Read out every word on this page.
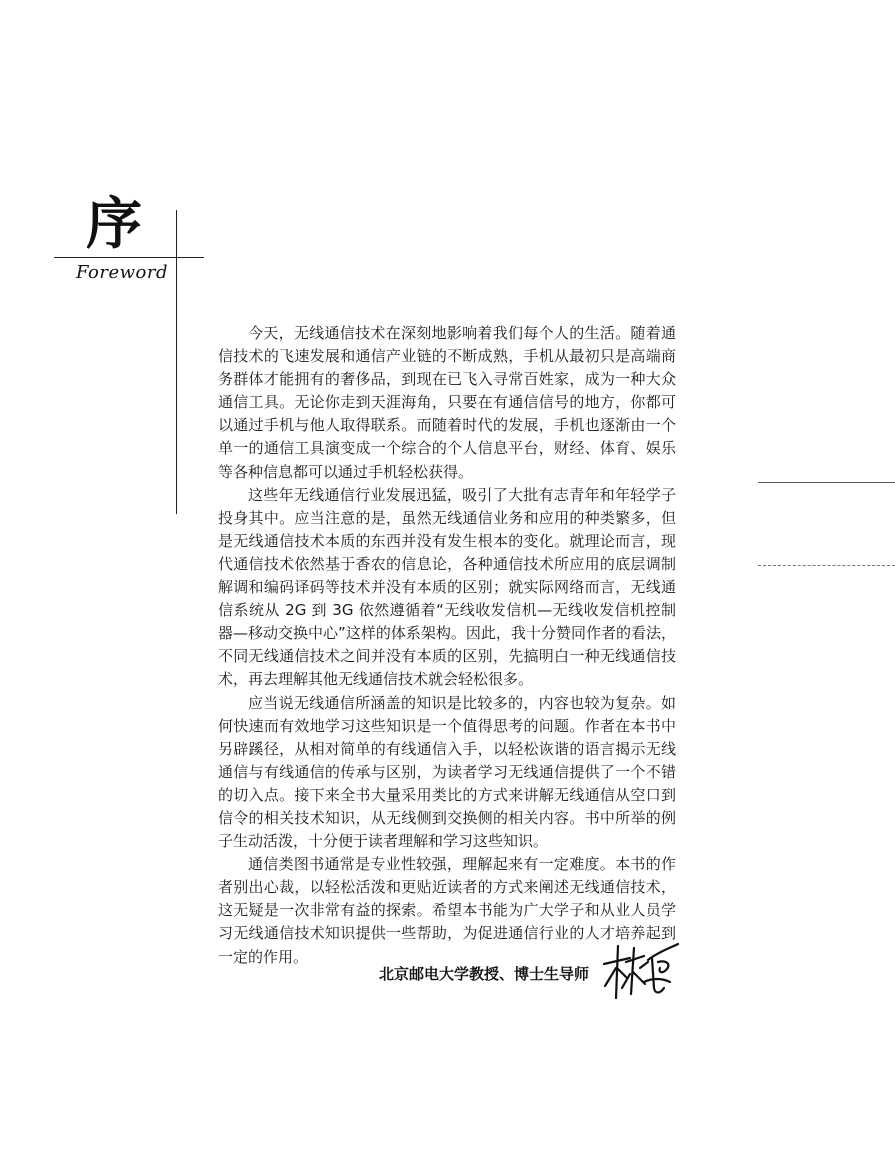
序
Foreword

今天，无线通信技术在深刻地影响着我们每个人的生活。随着通信技术的飞速发展和通信产业链的不断成熟，手机从最初只是高端商务群体才能拥有的奢侈品，到现在已飞入寻常百姓家，成为一种大众通信工具。无论你走到天涯海角，只要在有通信信号的地方，你都可以通过手机与他人取得联系。而随着时代的发展，手机也逐渐由一个单一的通信工具演变成一个综合的个人信息平台，财经、体育、娱乐等各种信息都可以通过手机轻松获得。

这些年无线通信行业发展迅猛，吸引了大批有志青年和年轻学子投身其中。应当注意的是，虽然无线通信业务和应用的种类繁多，但是无线通信技术本质的东西并没有发生根本的变化。就理论而言，现代通信技术依然基于香农的信息论，各种通信技术所应用的底层调制解调和编码译码等技术并没有本质的区别；就实际网络而言，无线通信系统从 2G 到 3G 依然遵循着“无线收发信机—无线收发信机控制器—移动交换中心”这样的体系架构。因此，我十分赞同作者的看法，不同无线通信技术之间并没有本质的区别，先搞明白一种无线通信技术，再去理解其他无线通信技术就会轻松很多。

应当说无线通信所涵盖的知识是比较多的，内容也较为复杂。如何快速而有效地学习这些知识是一个值得思考的问题。作者在本书中另辟蹊径，从相对简单的有线通信入手，以轻松诙谐的语言揭示无线通信与有线通信的传承与区别，为读者学习无线通信提供了一个不错的切入点。接下来全书大量采用类比的方式来讲解无线通信从空口到信令的相关技术知识，从无线侧到交换侧的相关内容。书中所举的例子生动活泼，十分便于读者理解和学习这些知识。

通信类图书通常是专业性较强，理解起来有一定难度。本书的作者别出心裁，以轻松活泼和更贴近读者的方式来阐述无线通信技术，这无疑是一次非常有益的探索。希望本书能为广大学子和从业人员学习无线通信技术知识提供一些帮助，为促进通信行业的人才培养起到一定的作用。

北京邮电大学教授、博士生导师
